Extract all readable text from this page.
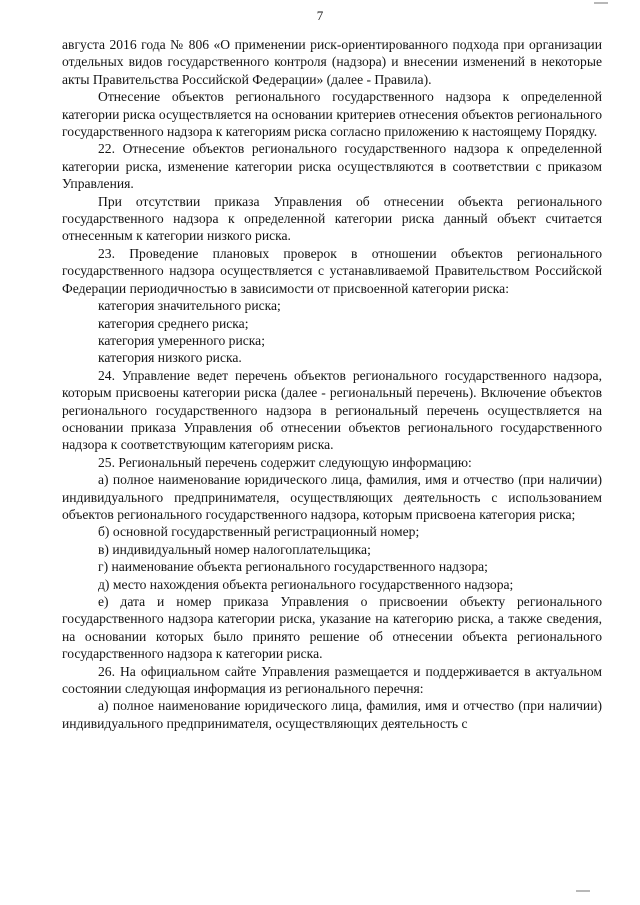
7

августа 2016 года № 806 «О применении риск-ориентированного подхода при организации отдельных видов государственного контроля (надзора) и внесении изменений в некоторые акты Правительства Российской Федерации» (далее - Правила).

Отнесение объектов регионального государственного надзора к определенной категории риска осуществляется на основании критериев отнесения объектов регионального государственного надзора к категориям риска согласно приложению к настоящему Порядку.

22. Отнесение объектов регионального государственного надзора к определенной категории риска, изменение категории риска осуществляются в соответствии с приказом Управления.

При отсутствии приказа Управления об отнесении объекта регионального государственного надзора к определенной категории риска данный объект считается отнесенным к категории низкого риска.

23. Проведение плановых проверок в отношении объектов регионального государственного надзора осуществляется с устанавливаемой Правительством Российской Федерации периодичностью в зависимости от присвоенной категории риска:

категория значительного риска;

категория среднего риска;

категория умеренного риска;

категория низкого риска.

24. Управление ведет перечень объектов регионального государственного надзора, которым присвоены категории риска (далее - региональный перечень). Включение объектов регионального государственного надзора в региональный перечень осуществляется на основании приказа Управления об отнесении объектов регионального государственного надзора к соответствующим категориям риска.

25. Региональный перечень содержит следующую информацию:

а) полное наименование юридического лица, фамилия, имя и отчество (при наличии) индивидуального предпринимателя, осуществляющих деятельность с использованием объектов регионального государственного надзора, которым присвоена категория риска;

б) основной государственный регистрационный номер;

в) индивидуальный номер налогоплательщика;

г) наименование объекта регионального государственного надзора;

д) место нахождения объекта регионального государственного надзора;

е) дата и номер приказа Управления о присвоении объекту регионального государственного надзора категории риска, указание на категорию риска, а также сведения, на основании которых было принято решение об отнесении объекта регионального государственного надзора к категории риска.

26. На официальном сайте Управления размещается и поддерживается в актуальном состоянии следующая информация из регионального перечня:

а) полное наименование юридического лица, фамилия, имя и отчество (при наличии) индивидуального предпринимателя, осуществляющих деятельность с
